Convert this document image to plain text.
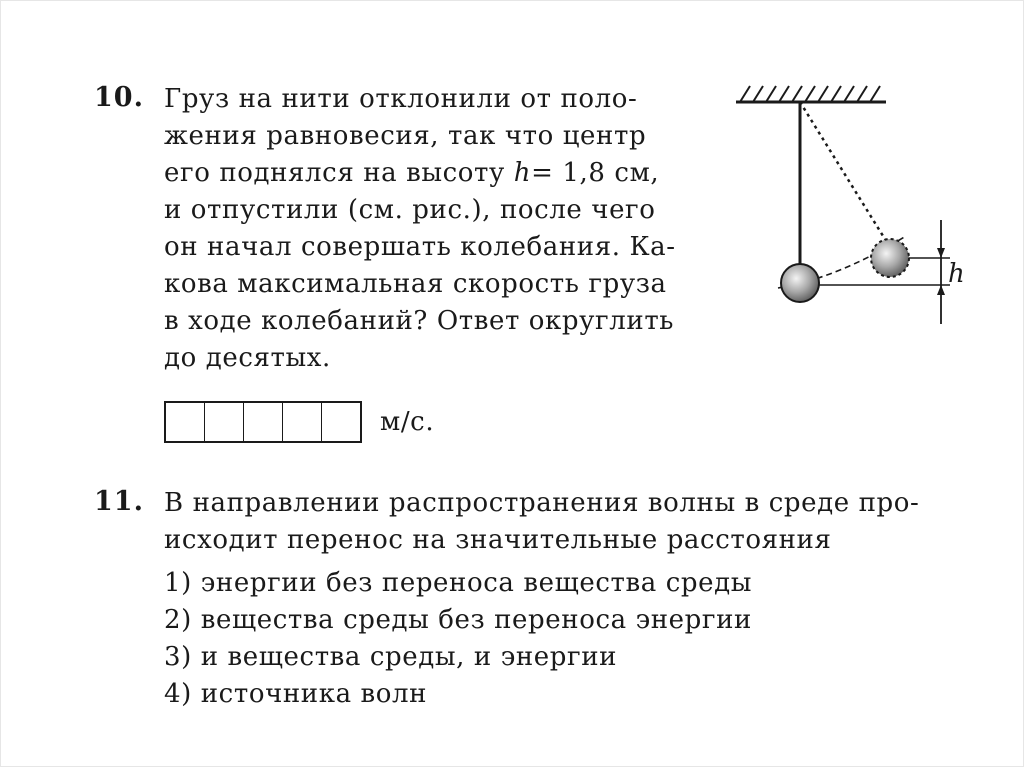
10. Груз на нити отклонили от поло-
жения равновесия, так что центр
его поднялся на высоту h= 1,8 см,
и отпустили (см. рис.), после чего
он начал совершать колебания. Ка-
кова максимальная скорость груза
в ходе колебаний? Ответ округлить
до десятых.
м/с.
h
11. В направлении распространения волны в среде про-
исходит перенос на значительные расстояния
1) энергии без переноса вещества среды
2) вещества среды без переноса энергии
3) и вещества среды, и энергии
4) источника волн
